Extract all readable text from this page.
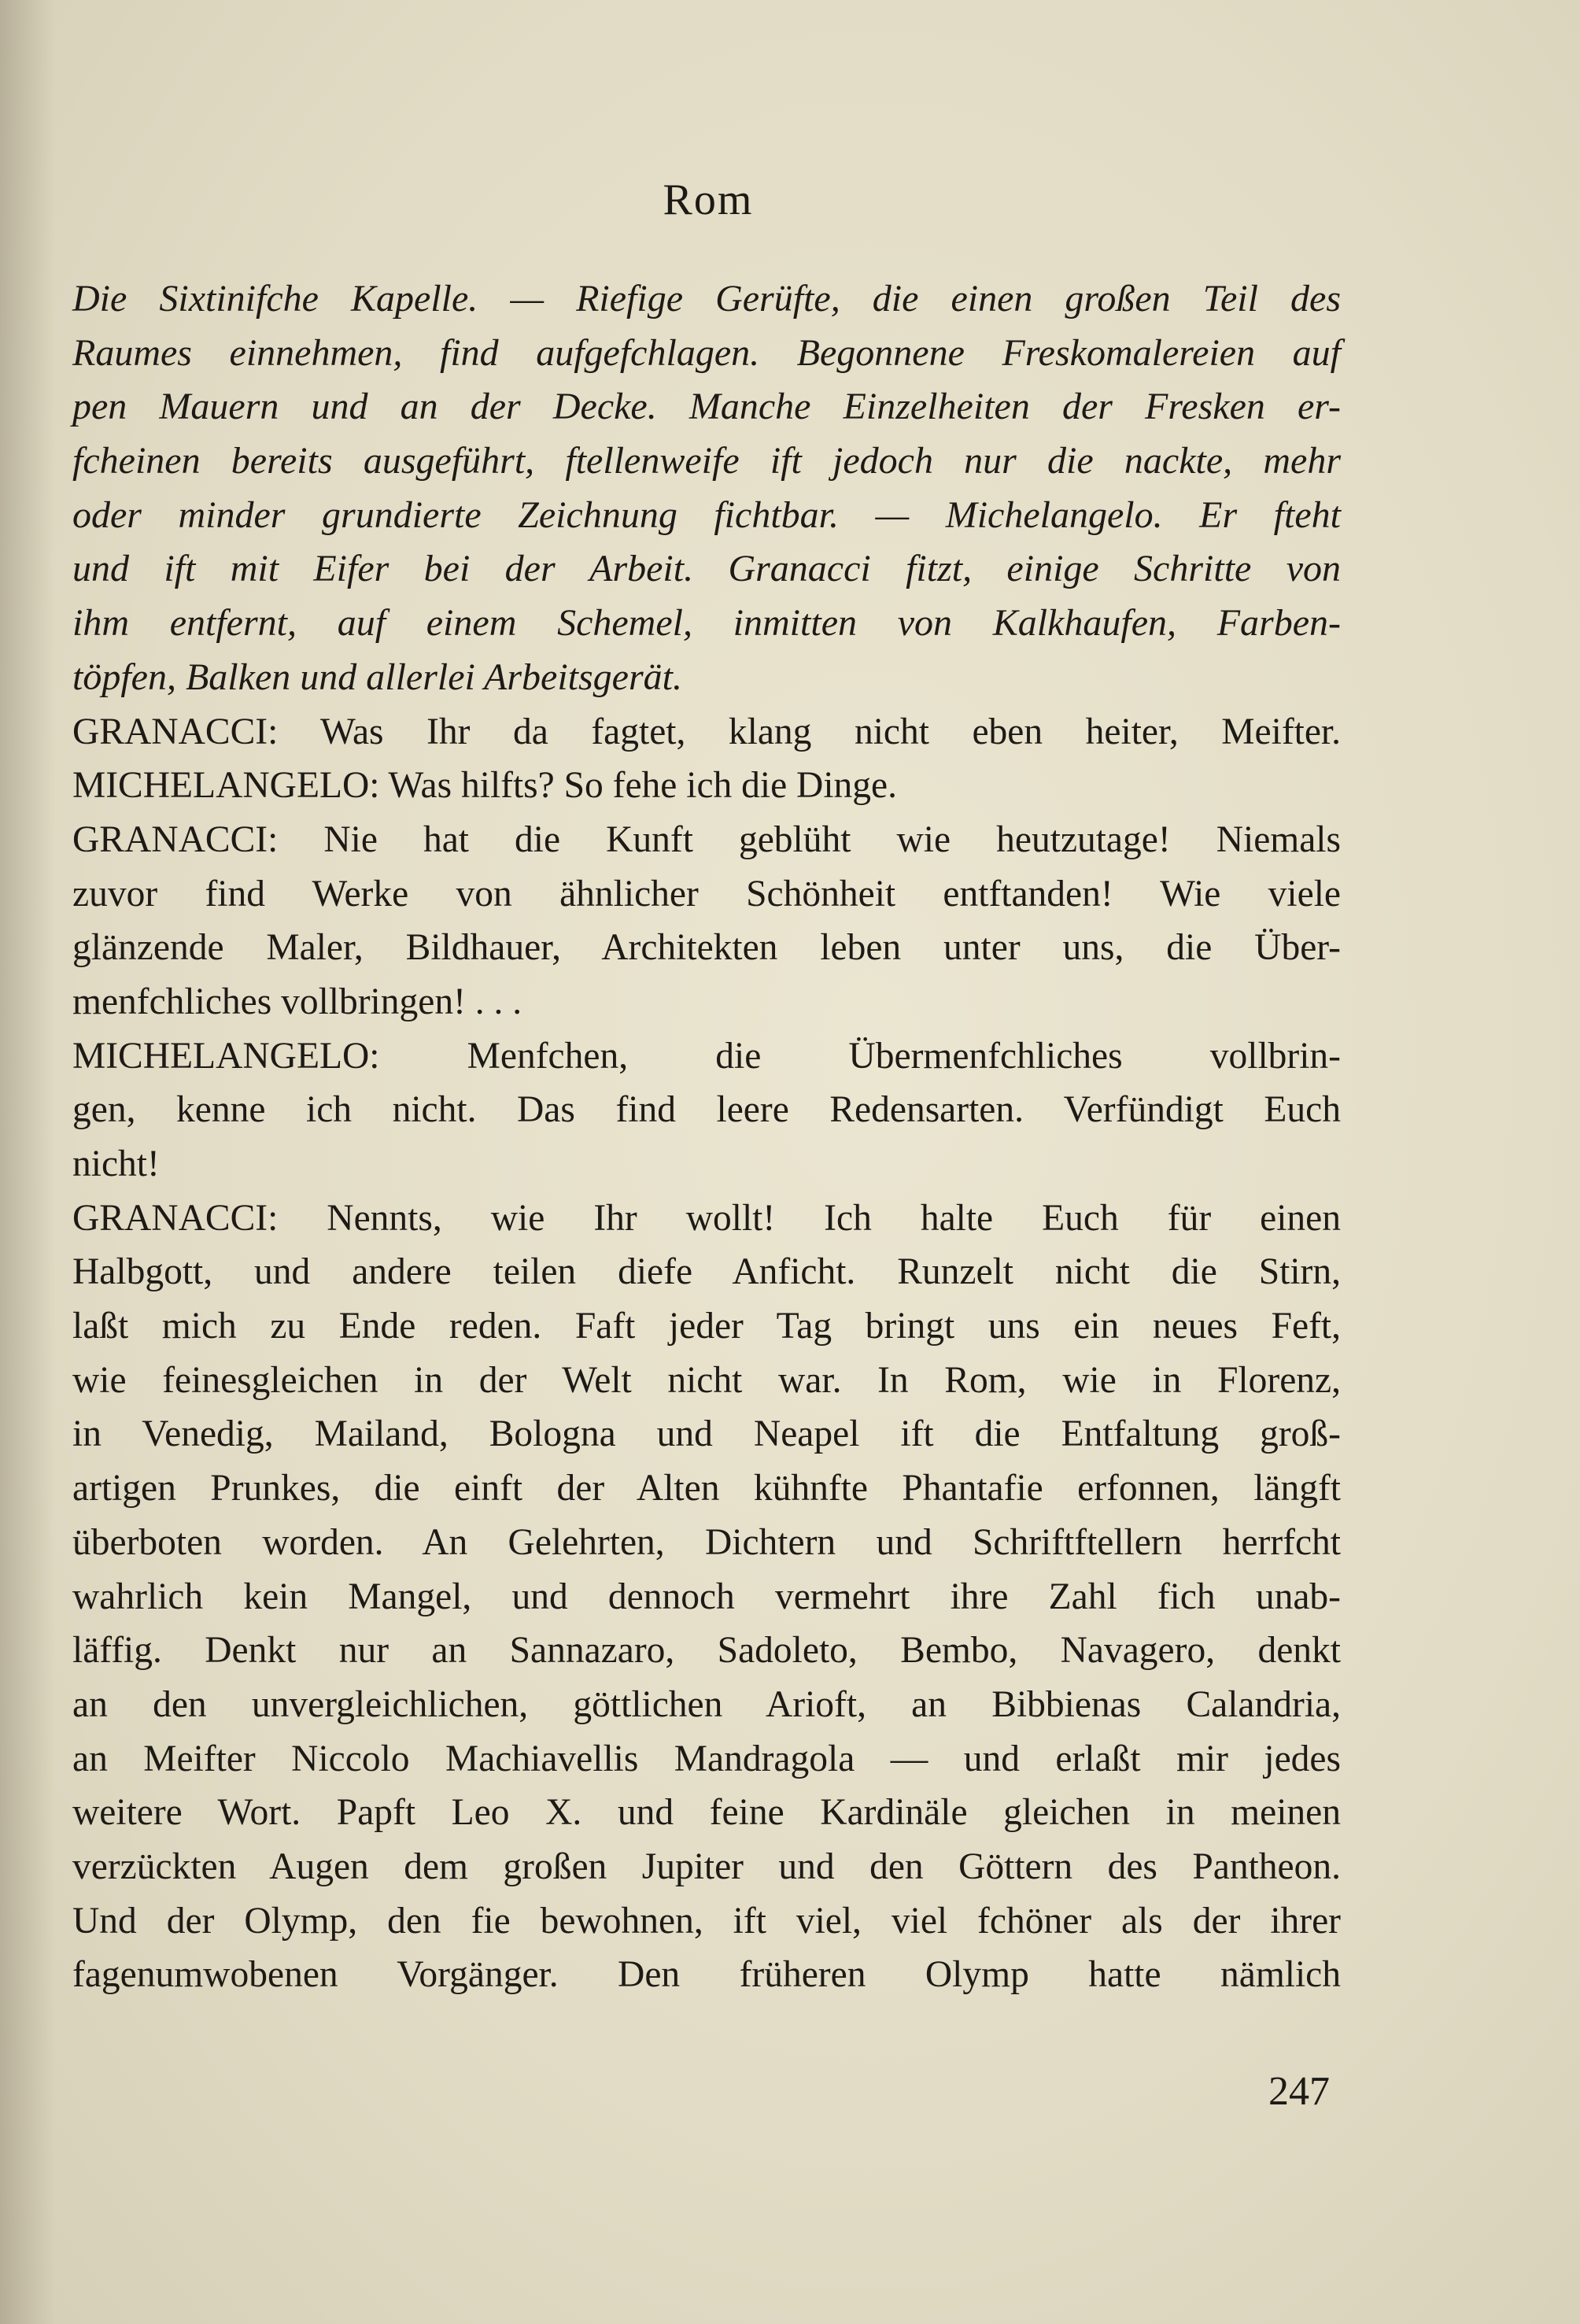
Rom
Die Sixtinifche Kapelle. — Riefige Gerüfte, die einen großen Teil des
Raumes einnehmen, find aufgefchlagen. Begonnene Freskomalereien auf
pen Mauern und an der Decke. Manche Einzelheiten der Fresken er-
fcheinen bereits ausgeführt, ftellenweife ift jedoch nur die nackte, mehr
oder minder grundierte Zeichnung fichtbar. — Michelangelo. Er fteht
und ift mit Eifer bei der Arbeit. Granacci fitzt, einige Schritte von
ihm entfernt, auf einem Schemel, inmitten von Kalkhaufen, Farben-
töpfen, Balken und allerlei Arbeitsgerät.
GRANACCI: Was Ihr da fagtet, klang nicht eben heiter, Meifter.
MICHELANGELO: Was hilfts? So fehe ich die Dinge.
GRANACCI: Nie hat die Kunft geblüht wie heutzutage! Niemals
zuvor find Werke von ähnlicher Schönheit entftanden! Wie viele
glänzende Maler, Bildhauer, Architekten leben unter uns, die Über-
menfchliches vollbringen! . . .
MICHELANGELO: Menfchen, die Übermenfchliches vollbrin-
gen, kenne ich nicht. Das find leere Redensarten. Verfündigt Euch
nicht!
GRANACCI: Nennts, wie Ihr wollt! Ich halte Euch für einen
Halbgott, und andere teilen diefe Anficht. Runzelt nicht die Stirn,
laßt mich zu Ende reden. Faft jeder Tag bringt uns ein neues Feft,
wie feinesgleichen in der Welt nicht war. In Rom, wie in Florenz,
in Venedig, Mailand, Bologna und Neapel ift die Entfaltung groß-
artigen Prunkes, die einft der Alten kühnfte Phantafie erfonnen, längft
überboten worden. An Gelehrten, Dichtern und Schriftftellern herrfcht
wahrlich kein Mangel, und dennoch vermehrt ihre Zahl fich unab-
läffig. Denkt nur an Sannazaro, Sadoleto, Bembo, Navagero, denkt
an den unvergleichlichen, göttlichen Arioft, an Bibbienas Calandria,
an Meifter Niccolo Machiavellis Mandragola — und erlaßt mir jedes
weitere Wort. Papft Leo X. und feine Kardinäle gleichen in meinen
verzückten Augen dem großen Jupiter und den Göttern des Pantheon.
Und der Olymp, den fie bewohnen, ift viel, viel fchöner als der ihrer
fagenumwobenen Vorgänger. Den früheren Olymp hatte nämlich
247
